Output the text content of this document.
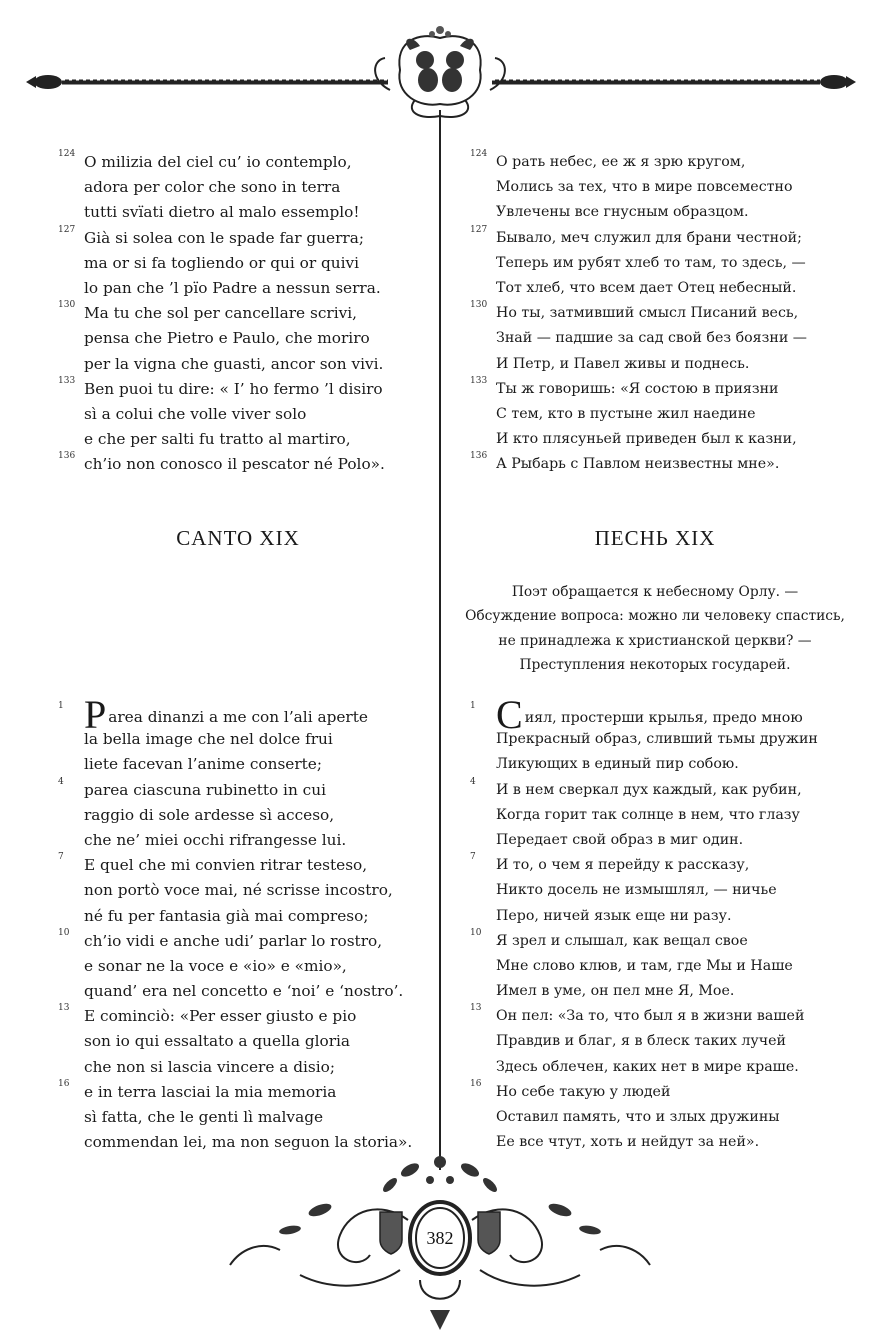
124 O milizia del ciel cu’ io contemplo,
adora per color che sono in terra
tutti svïati dietro al malo essemplo!
127 Già si solea con le spade far guerra;
ma or si fa togliendo or qui or quivi
lo pan che ’l pïo Padre a nessun serra.
130 Ma tu che sol per cancellare scrivi,
pensa che Pietro e Paulo, che moriro
per la vigna che guasti, ancor son vivi.
133 Ben puoi tu dire: « I’ ho fermo ’l disiro
sì a colui che volle viver solo
e che per salti fu tratto al martiro,
136 ch’io non conosco il pescator né Polo».
124 О рать небес, ее ж я зрю кругом,
Молись за тех, что в мире повсеместно
Увлечены все гнусным образцом.
127 Бывало, меч служил для брани честной;
Теперь им рубят хлеб то там, то здесь, —
Тот хлеб, что всем дает Отец небесный.
130 Но ты, затмивший смысл Писаний весь,
Знай — падшие за сад свой без боязни —
И Петр, и Павел живы и поднесь.
133 Ты ж говоришь: «Я состою в приязни
С тем, кто в пустыне жил наедине
И кто плясуньей приведен был к казни,
136 А Рыбарь с Павлом неизвестны мне».
CANTO XIX	ПЕСНЬ XIX
Поэт обращается к небесному Орлу. —
Обсуждение вопроса: можно ли человеку спастись,
не принадлежа к христианской церкви? —
Преступления некоторых государей.
1 P area dinanzi a me con l’ali aperte
la bella image che nel dolce frui
liete facevan l’anime conserte;
4 parea ciascuna rubinetto in cui
raggio di sole ardesse sì acceso,
che ne’ miei occhi rifrangesse lui.
7 E quel che mi convien ritrar testeso,
non portò voce mai, né scrisse incostro,
né fu per fantasia già mai compreso;
10 ch’io vidi e anche udi’ parlar lo rostro,
e sonar ne la voce e «io» e «mio»,
quand’ era nel concetto e ‘noi’ e ‘nostro’.
13 E cominciò: «Per esser giusto e pio
son io qui essaltato a quella gloria
che non si lascia vincere a disio;
16 e in terra lasciai la mia memoria
sì fatta, che le genti lì malvage
commendan lei, ma non seguon la storia».
1 С иял, простерши крылья, предо мною
Прекрасный образ, сливший тьмы дружин
Ликующих в единый пир собою.
4 И в нем сверкал дух каждый, как рубин,
Когда горит так солнце в нем, что глазу
Передает свой образ в миг один.
7 И то, о чем я перейду к рассказу,
Никто досель не измышлял, — ничье
Перо, ничей язык еще ни разу.
10 Я зрел и слышал, как вещал свое
Мне слово клюв, и там, где Мы и Наше
Имел в уме, он пел мне Я, Мое.
13 Он пел: «За то, что был я в жизни вашей
Правдив и благ, я в блеск таких лучей
Здесь облечен, каких нет в мире краше.
16 Но себе такую у людей
Оставил память, что и злых дружины
Ее все чтут, хоть и нейдут за ней».
382
